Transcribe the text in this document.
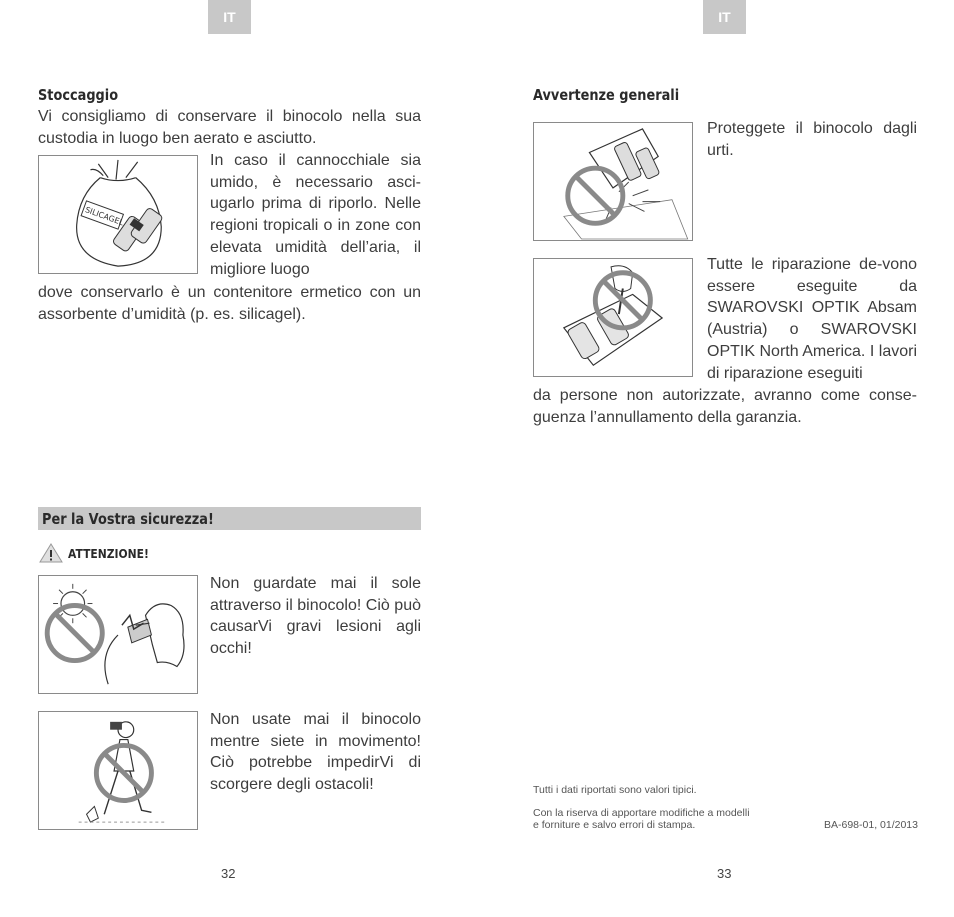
IT
Stoccaggio
Vi consigliamo di conservare il binocolo nella sua
custodia in luogo ben aerato e asciutto.
SILICAGEL
In caso il cannocchiale sia umido, è necessario asci-ugarlo prima di riporlo. Nelle regioni tropicali o in zone con elevata umidità dell’aria, il migliore luogo
dove conservarlo è un contenitore ermetico con un assorbente d’umidità (p. es. silicagel).
Per la Vostra sicurezza!
ATTENZIONE!
Non guardate mai il sole attraverso il binocolo! Ciò può causarVi gravi lesioni agli occhi!
Non usate mai il binocolo mentre siete in movimento! Ciò potrebbe impedirVi di scorgere degli ostacoli!
32
IT
Avvertenze generali
Proteggete il binocolo dagli urti.
Tutte le riparazione de-vono essere eseguite da SWAROVSKI OPTIK Absam (Austria) o SWAROVSKI OPTIK North America. I lavori di riparazione eseguiti
da persone non autorizzate, avranno come conse-guenza l’annullamento della garanzia.
Tutti i dati riportati sono valori tipici.
Con la riserva di apportare modifiche a modelli
e forniture e salvo errori di stampa.	BA-698-01, 01/2013
33
